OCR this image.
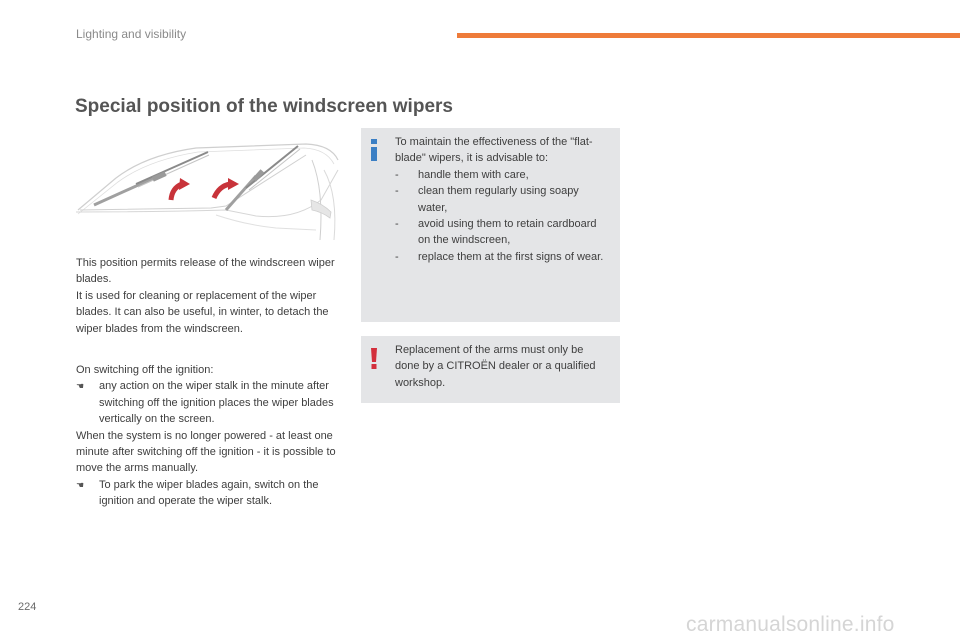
Lighting and visibility
Special position of the windscreen wipers

This position permits release of the windscreen wiper blades.

It is used for cleaning or replacement of the wiper blades. It can also be useful, in winter, to detach the wiper blades from the windscreen.

On switching off the ignition:

☚	any action on the wiper stalk in the minute after switching off the ignition places the wiper blades vertically on the screen.

When the system is no longer powered - at least one minute after switching off the ignition - it is possible to move the arms manually.

☚	To park the wiper blades again, switch on the ignition and operate the wiper stalk.

To maintain the effectiveness of the "flat-blade" wipers, it is advisable to:

-	handle them with care,
-	clean them regularly using soapy water,
-	avoid using them to retain cardboard on the windscreen,
-	replace them at the first signs of wear.
Replacement of the arms must only be done by a CITROËN dealer or a qualified workshop.
224
carmanualsonline.info
